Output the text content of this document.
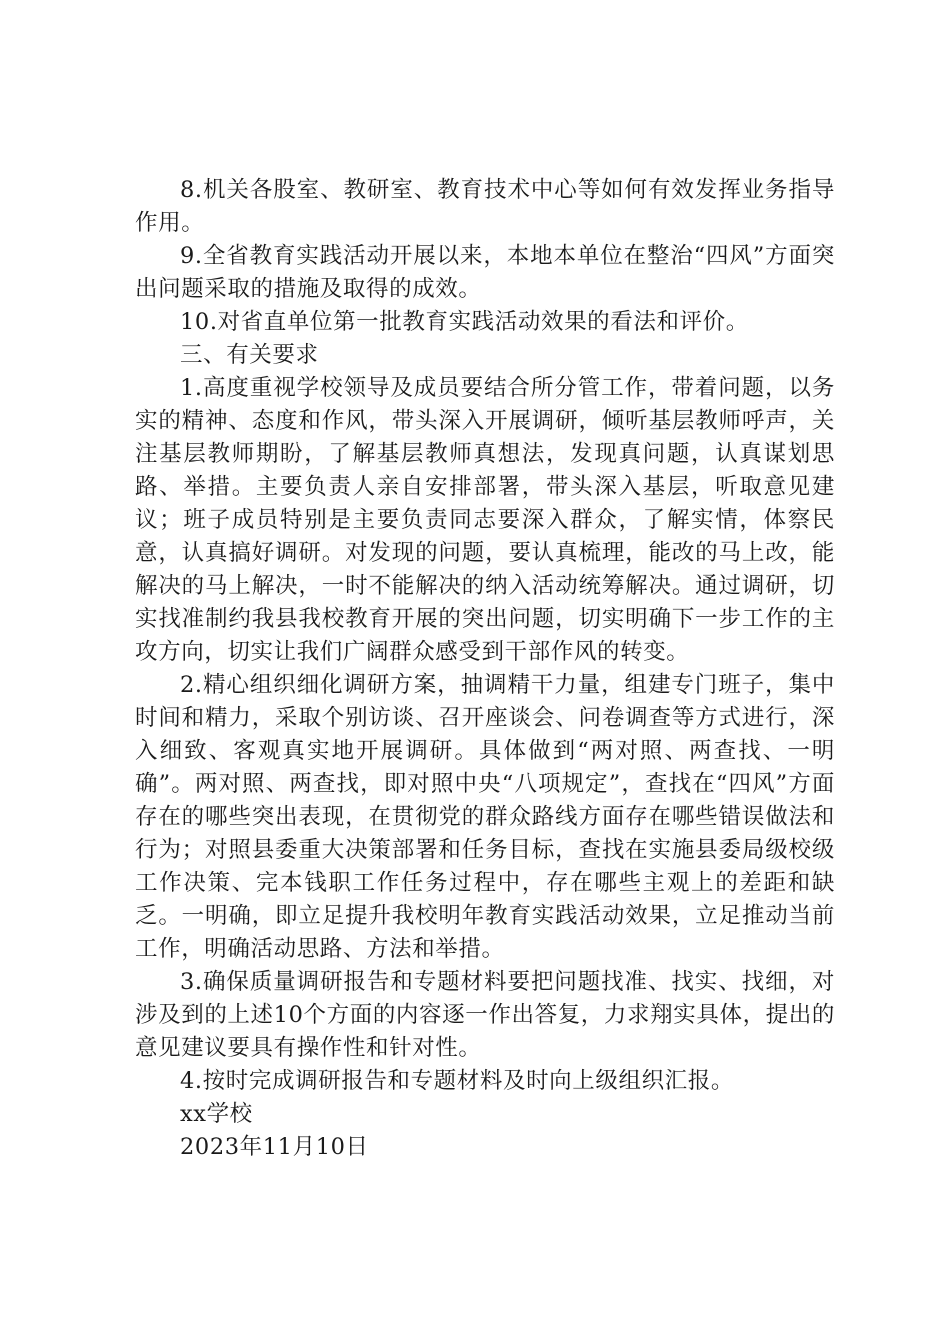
8.机关各股室、教研室、教育技术中心等如何有效发挥业务指导作用。

9.全省教育实践活动开展以来，本地本单位在整治“四风”方面突出问题采取的措施及取得的成效。

10.对省直单位第一批教育实践活动效果的看法和评价。

三、有关要求

1.高度重视学校领导及成员要结合所分管工作，带着问题，以务实的精神、态度和作风，带头深入开展调研，倾听基层教师呼声，关注基层教师期盼，了解基层教师真想法，发现真问题，认真谋划思路、举措。主要负责人亲自安排部署，带头深入基层，听取意见建议；班子成员特别是主要负责同志要深入群众，了解实情，体察民意，认真搞好调研。对发现的问题，要认真梳理，能改的马上改，能解决的马上解决，一时不能解决的纳入活动统筹解决。通过调研，切实找准制约我县我校教育开展的突出问题，切实明确下一步工作的主攻方向，切实让我们广阔群众感受到干部作风的转变。

2.精心组织细化调研方案，抽调精干力量，组建专门班子，集中时间和精力，采取个别访谈、召开座谈会、问卷调查等方式进行，深入细致、客观真实地开展调研。具体做到“两对照、两查找、一明确”。两对照、两查找，即对照中央“八项规定”，查找在“四风”方面存在的哪些突出表现，在贯彻党的群众路线方面存在哪些错误做法和行为；对照县委重大决策部署和任务目标，查找在实施县委局级校级工作决策、完本钱职工作任务过程中，存在哪些主观上的差距和缺乏。一明确，即立足提升我校明年教育实践活动效果，立足推动当前工作，明确活动思路、方法和举措。

3.确保质量调研报告和专题材料要把问题找准、找实、找细，对涉及到的上述10个方面的内容逐一作出答复，力求翔实具体，提出的意见建议要具有操作性和针对性。

4.按时完成调研报告和专题材料及时向上级组织汇报。

xx学校

2023年11月10日
